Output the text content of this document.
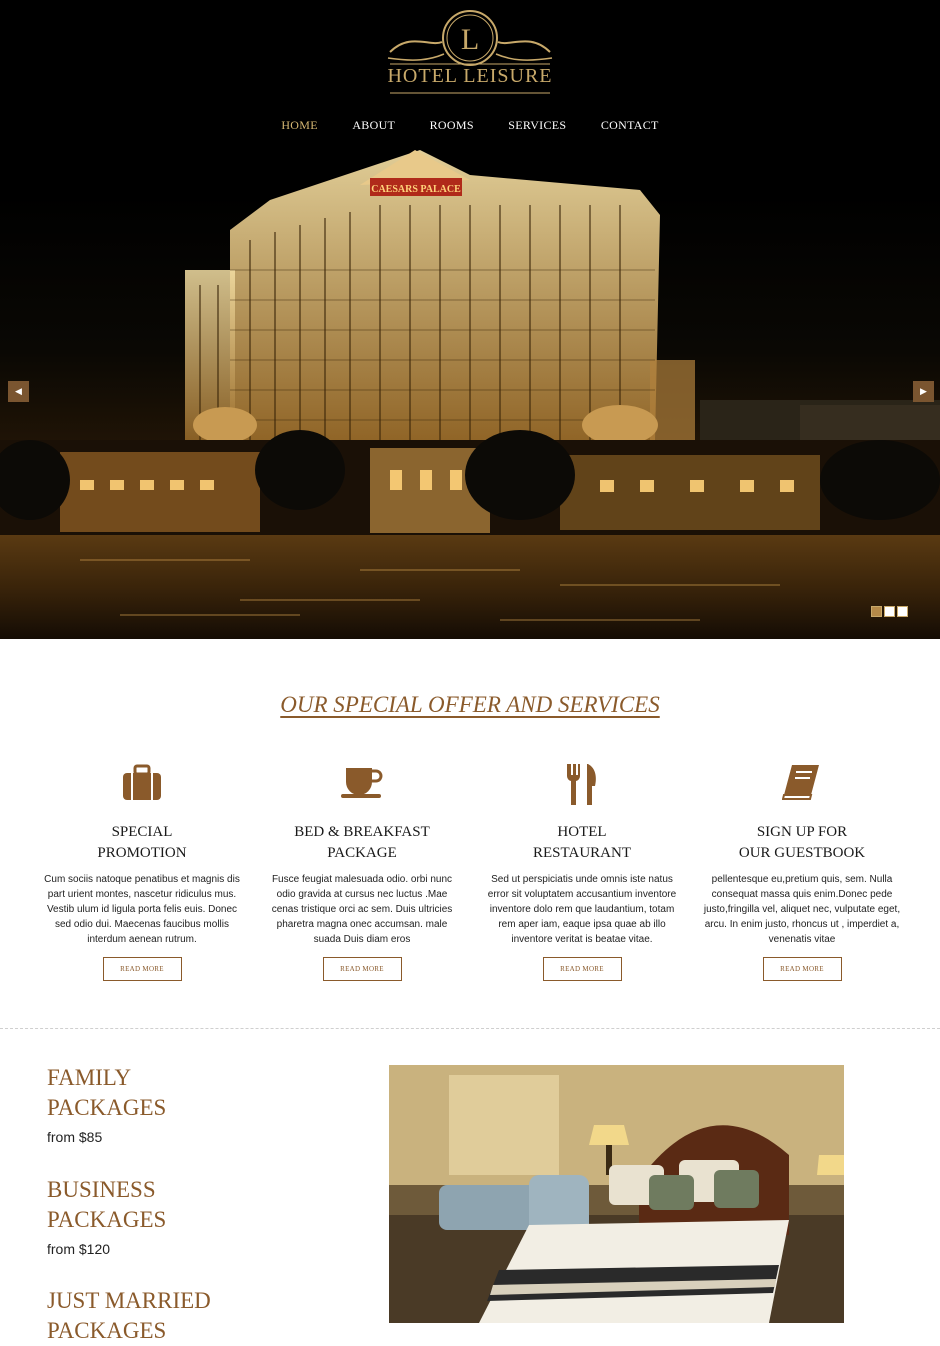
CAESARS PALACE
L
HOTEL LEISURE
HOME	ABOUT	ROOMS	SERVICES	CONTACT
◀	▶
OUR SPECIAL OFFER AND SERVICES
SPECIAL
PROMOTION

Cum sociis natoque penatibus et magnis dis part urient montes, nascetur ridiculus mus. Vestib ulum id ligula porta felis euis. Donec sed odio dui. Maecenas faucibus mollis interdum aenean rutrum.

READ MORE
BED & BREAKFAST
PACKAGE

Fusce feugiat malesuada odio. orbi nunc odio gravida at cursus nec luctus .Mae cenas tristique orci ac sem. Duis ultricies pharetra magna onec accumsan. male suada Duis diam eros

READ MORE
HOTEL
RESTAURANT

Sed ut perspiciatis unde omnis iste natus error sit voluptatem accusantium inventore inventore dolo rem que laudantium, totam rem aper iam, eaque ipsa quae ab illo inventore veritat is beatae vitae.

READ MORE
SIGN UP FOR
OUR GUESTBOOK

pellentesque eu,pretium quis, sem. Nulla consequat massa quis enim.Donec pede justo,fringilla vel, aliquet nec, vulputate eget, arcu. In enim justo, rhoncus ut , imperdiet a, venenatis vitae

READ MORE
FAMILY
PACKAGES
from $85
BUSINESS
PACKAGES
from $120
JUST MARRIED
PACKAGES
